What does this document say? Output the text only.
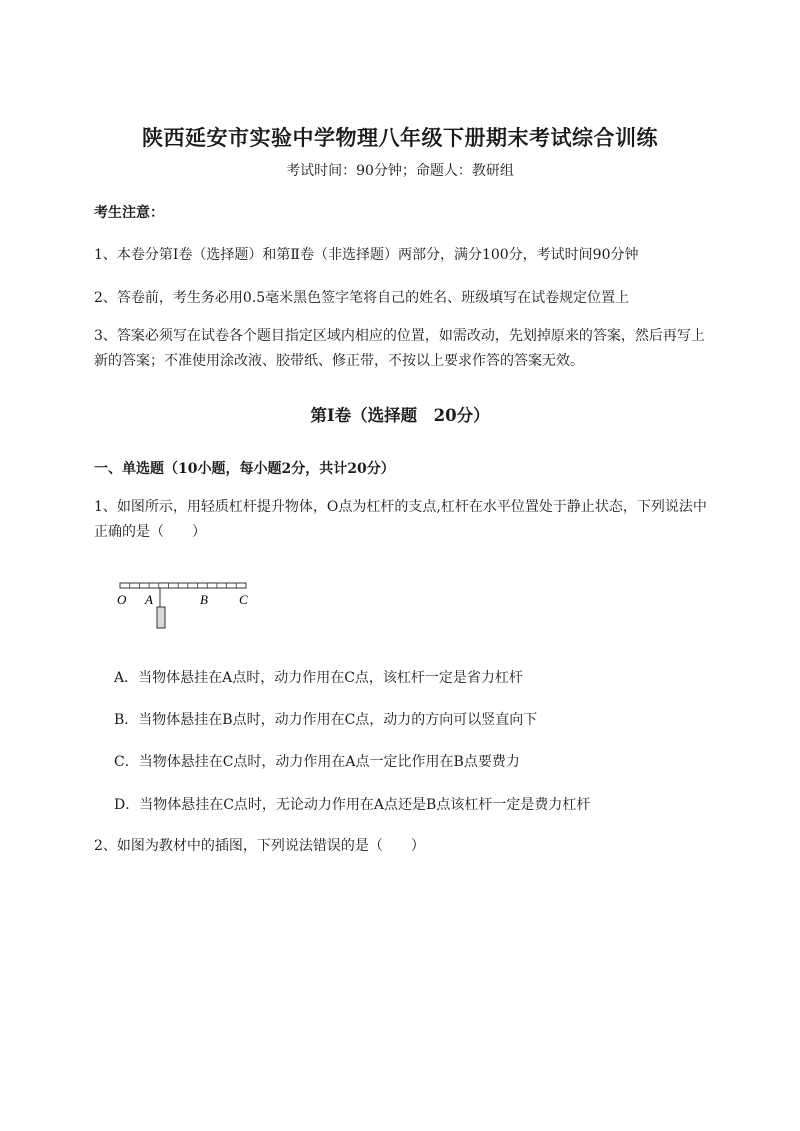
陕西延安市实验中学物理八年级下册期末考试综合训练
考试时间：90分钟；命题人：教研组
考生注意：
1、本卷分第I卷（选择题）和第Ⅱ卷（非选择题）两部分，满分100分，考试时间90分钟
2、答卷前，考生务必用0.5毫米黑色签字笔将自己的姓名、班级填写在试卷规定位置上
3、答案必须写在试卷各个题目指定区域内相应的位置，如需改动，先划掉原来的答案，然后再写上新的答案；不准使用涂改液、胶带纸、修正带，不按以上要求作答的答案无效。
第I卷（选择题　20分）
一、单选题（10小题，每小题2分，共计20分）
1、如图所示，用轻质杠杆提升物体，O点为杠杆的支点,杠杆在水平位置处于静止状态，下列说法中正确的是（　　）
O A	B C
A．当物体悬挂在A点时，动力作用在C点，该杠杆一定是省力杠杆
B．当物体悬挂在B点时，动力作用在C点，动力的方向可以竖直向下
C．当物体悬挂在C点时，动力作用在A点一定比作用在B点要费力
D．当物体悬挂在C点时，无论动力作用在A点还是B点该杠杆一定是费力杠杆
2、如图为教材中的插图，下列说法错误的是（　　）
